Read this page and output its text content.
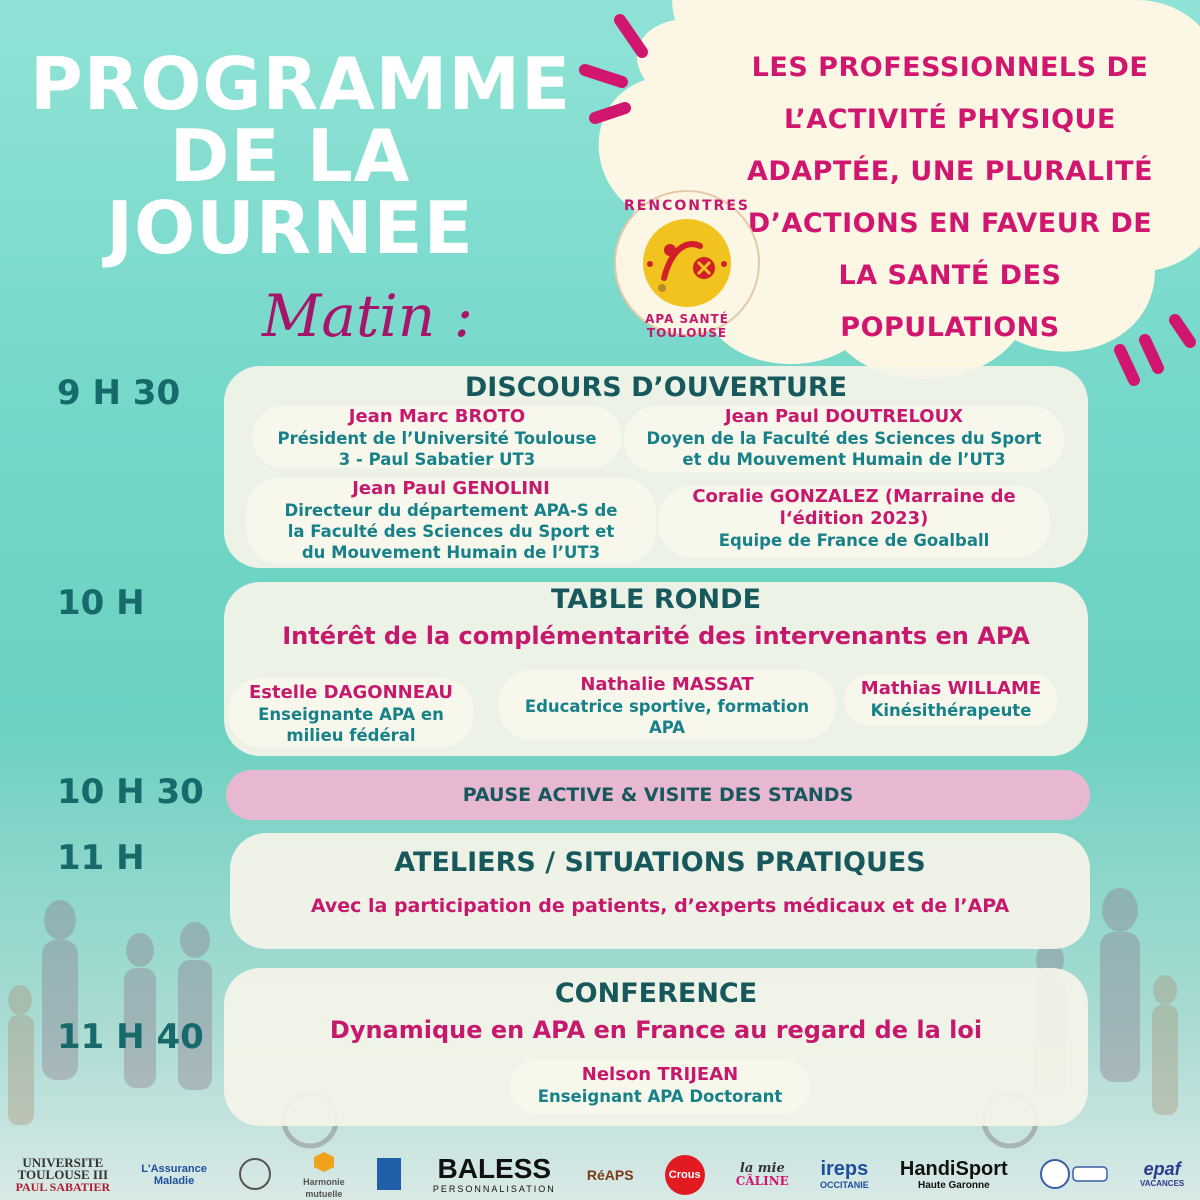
PROGRAMME
DE LA
JOURNEE
LES PROFESSIONNELS DE L’ACTIVITÉ PHYSIQUE ADAPTÉE, UNE PLURALITÉ D’ACTIONS EN FAVEUR DE LA SANTÉ DES POPULATIONS
RENCONTRES
APA SANTÉ TOULOUSE
Matin :
9 H 30	DISCOURS D’OUVERTURE
Jean Marc BROTO
Président de l’Université Toulouse
3 - Paul Sabatier UT3
Jean Paul DOUTRELOUX
Doyen de la Faculté des Sciences du Sport
et du Mouvement Humain de l’UT3
Jean Paul GENOLINI
Directeur du département APA-S de
la Faculté des Sciences du Sport et
du Mouvement Humain de l’UT3
Coralie GONZALEZ (Marraine de
l‘édition 2023)
Equipe de France de Goalball
10 H	TABLE RONDE
Intérêt de la complémentarité des intervenants en APA
Estelle DAGONNEAU
Enseignante APA en
milieu fédéral
Nathalie MASSAT
Educatrice sportive, formation
APA
Mathias WILLAME
Kinésithérapeute
10 H 30	PAUSE ACTIVE & VISITE DES STANDS
11 H	ATELIERS / SITUATIONS PRATIQUES
Avec la participation de patients, d’experts médicaux et de l’APA
11 H 40
CONFERENCE
Dynamique en APA en France au regard de la loi
Nelson TRIJEAN
Enseignant APA Doctorant
UNIVERSITE
TOULOUSE III
PAUL SABATIER
L'Assurance
Maladie	Harmonie
mutuelle
BALESS
PERSONNALISATION
RéAPS	Crous	la mie
CÂLINE
ireps
OCCITANIE
HandiSport
Haute Garonne
epaf
VACANCES
